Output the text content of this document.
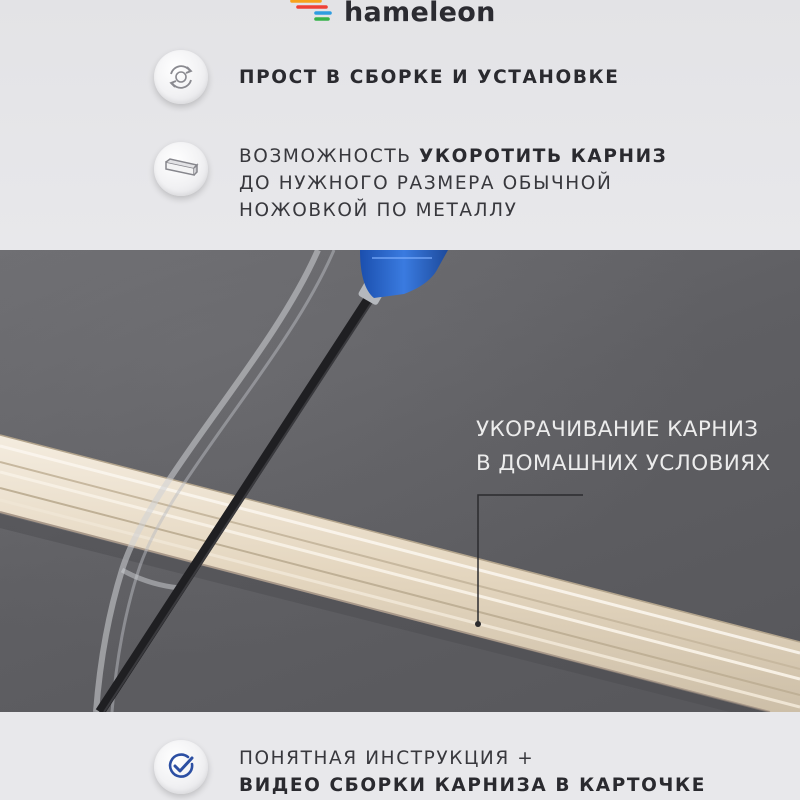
hameleon
ПРОСТ В СБОРКЕ И УСТАНОВКЕ
ВОЗМОЖНОСТЬ УКОРОТИТЬ КАРНИЗ
ДО НУЖНОГО РАЗМЕРА ОБЫЧНОЙ
НОЖОВКОЙ ПО МЕТАЛЛУ
УКОРАЧИВАНИЕ КАРНИЗ
В ДОМАШНИХ УСЛОВИЯХ
ПОНЯТНАЯ ИНСТРУКЦИЯ +
ВИДЕО СБОРКИ КАРНИЗА В КАРТОЧКЕ
